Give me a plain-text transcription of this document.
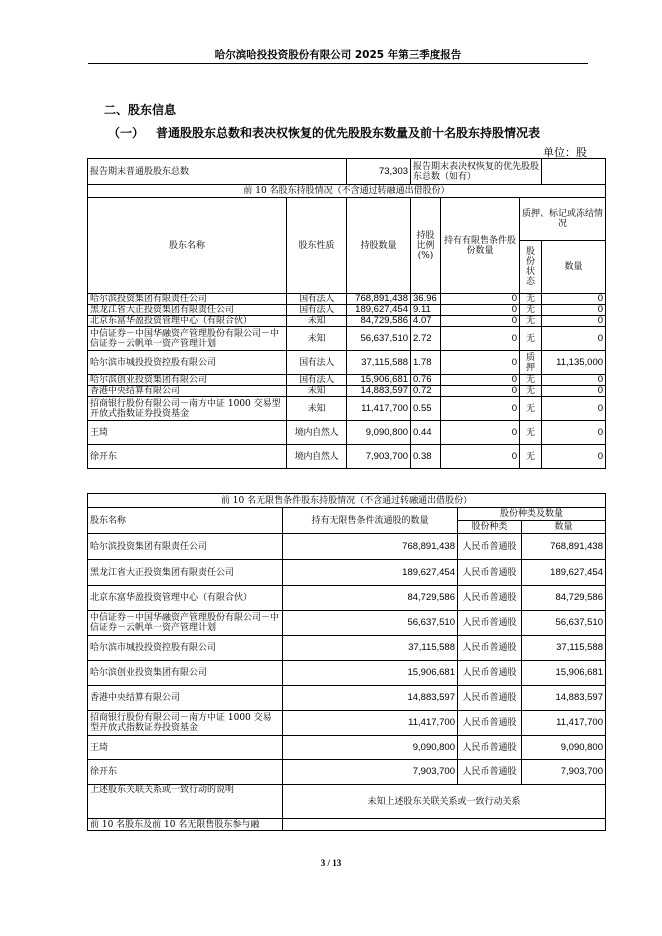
哈尔滨哈投投资股份有限公司 2025 年第三季度报告
二、股东信息
（一） 普通股股东总数和表决权恢复的优先股股东数量及前十名股东持股情况表
单位：股
报告期末普通股股东总数		73,303	报告期末表决权恢复的优先股股东总数（如有）			
前 10 名股东持股情况（不含通过转融通出借股份）						
股东名称	股东性质	持股数量	持股比例(%)	持有有限售条件股份数量	质押、标记或冻结情况	
					股份状态	数量
哈尔滨投资集团有限责任公司	国有法人	768,891,438	36.96	0	无	0
黑龙江省大正投资集团有限责任公司	国有法人	189,627,454	9.11	0	无	0
北京东富华盈投资管理中心（有限合伙）	未知	84,729,586	4.07	0	无	0
中信证券－中国华融资产管理股份有限公司－中信证券－云帆单一资产管理计划	未知	56,637,510	2.72	0	无	0
哈尔滨市城投投资控股有限公司	国有法人	37,115,588	1.78	0	质押	11,135,000
哈尔滨创业投资集团有限公司	国有法人	15,906,681	0.76	0	无	0
香港中央结算有限公司	未知	14,883,597	0.72	0	无	0
招商银行股份有限公司－南方中证 1000 交易型开放式指数证券投资基金	未知	11,417,700	0.55	0	无	0
王琦	境内自然人	9,090,800	0.44	0	无	0
徐开东	境内自然人	7,903,700	0.38	0	无	0
前 10 名无限售条件股东持股情况（不含通过转融通出借股份）			
股东名称	持有无限售条件流通股的数量	股份种类及数量	
		股份种类	数量
哈尔滨投资集团有限责任公司	768,891,438	人民币普通股	768,891,438
黑龙江省大正投资集团有限责任公司	189,627,454	人民币普通股	189,627,454
北京东富华盈投资管理中心（有限合伙）	84,729,586	人民币普通股	84,729,586
中信证券－中国华融资产管理股份有限公司－中信证券－云帆单一资产管理计划	56,637,510	人民币普通股	56,637,510
哈尔滨市城投投资控股有限公司	37,115,588	人民币普通股	37,115,588
哈尔滨创业投资集团有限公司	15,906,681	人民币普通股	15,906,681
香港中央结算有限公司	14,883,597	人民币普通股	14,883,597
招商银行股份有限公司－南方中证 1000 交易型开放式指数证券投资基金	11,417,700	人民币普通股	11,417,700
王琦	9,090,800	人民币普通股	9,090,800
徐开东	7,903,700	人民币普通股	7,903,700
上述股东关联关系或一致行动的说明	未知上述股东关联关系或一致行动关系		
前 10 名股东及前 10 名无限售股东参与融			
3 / 13
